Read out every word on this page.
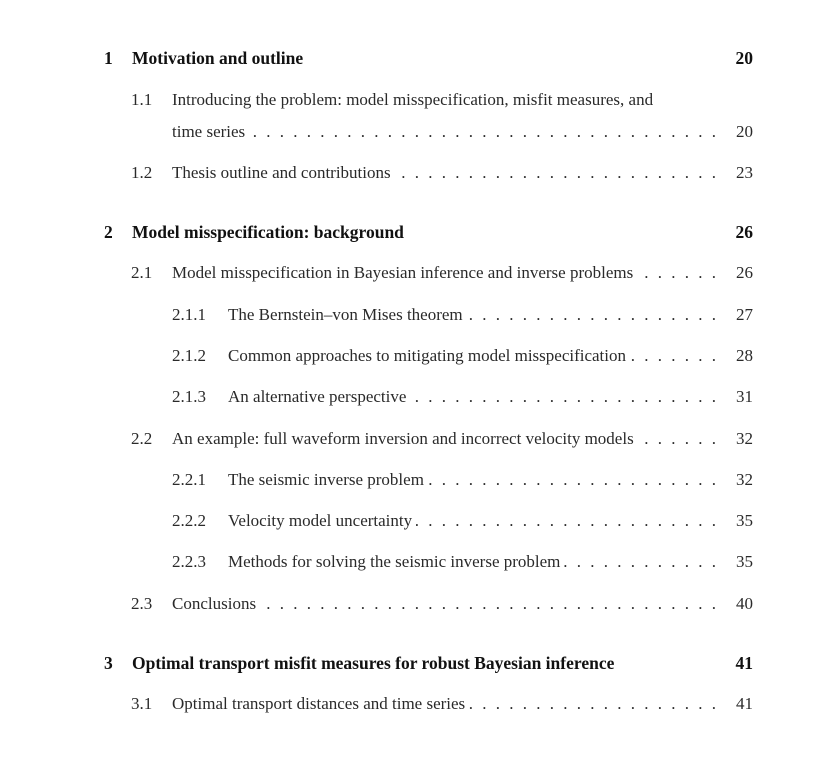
1 Motivation and outline	20
1.1 Introducing the problem: model misspecification, misfit measures, and
time series . . .	20
1.2 Thesis outline and contributions . . .	23
2 Model misspecification: background	26
2.1 Model misspecification in Bayesian inference and inverse problems . . .	26
2.1.1 The Bernstein–von Mises theorem . . .	27
2.1.2 Common approaches to mitigating model misspecification . . .	28
2.1.3 An alternative perspective . . .	31
2.2 An example: full waveform inversion and incorrect velocity models . . .	32
2.2.1 The seismic inverse problem . . .	32
2.2.2 Velocity model uncertainty . . .	35
2.2.3 Methods for solving the seismic inverse problem . . .	35
2.3 Conclusions . . .	40
3 Optimal transport misfit measures for robust Bayesian inference	41
3.1 Optimal transport distances and time series . . .	41
